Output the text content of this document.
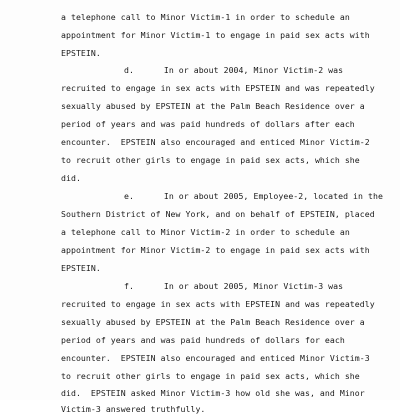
a telephone call to Minor Victim-1 in order to schedule an
appointment for Minor Victim-1 to engage in paid sex acts with
EPSTEIN.
d.      In or about 2004, Minor Victim-2 was
recruited to engage in sex acts with EPSTEIN and was repeatedly
sexually abused by EPSTEIN at the Palm Beach Residence over a
period of years and was paid hundreds of dollars after each
encounter.  EPSTEIN also encouraged and enticed Minor Victim-2
to recruit other girls to engage in paid sex acts, which she
did.
e.      In or about 2005, Employee-2, located in the
Southern District of New York, and on behalf of EPSTEIN, placed
a telephone call to Minor Victim-2 in order to schedule an
appointment for Minor Victim-2 to engage in paid sex acts with
EPSTEIN.
f.      In or about 2005, Minor Victim-3 was
recruited to engage in sex acts with EPSTEIN and was repeatedly
sexually abused by EPSTEIN at the Palm Beach Residence over a
period of years and was paid hundreds of dollars for each
encounter.  EPSTEIN also encouraged and enticed Minor Victim-3
to recruit other girls to engage in paid sex acts, which she
did.  EPSTEIN asked Minor Victim-3 how old she was, and Minor
Victim-3 answered truthfully.
